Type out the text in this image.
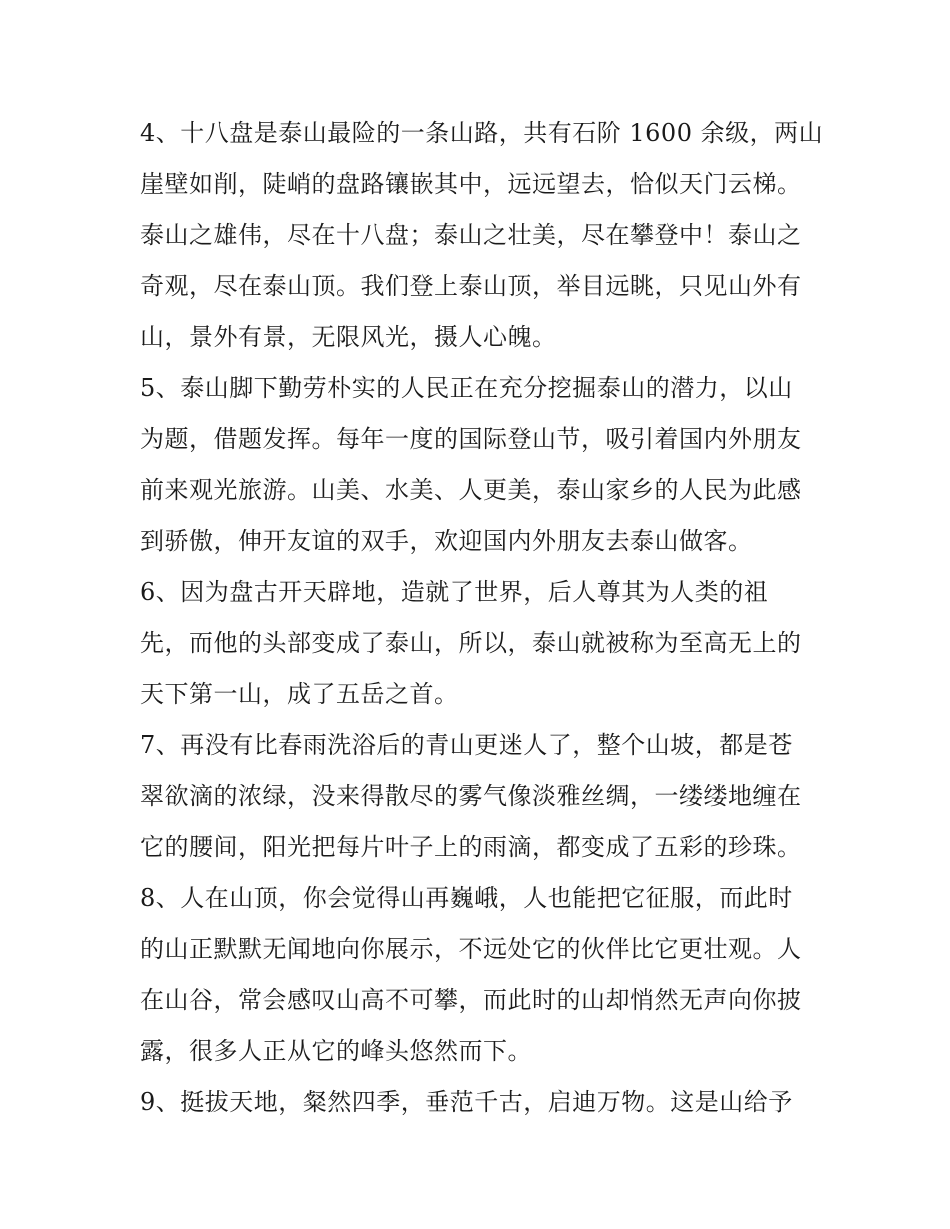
4、十八盘是泰山最险的一条山路，共有石阶 1600 余级，两山
崖壁如削，陡峭的盘路镶嵌其中，远远望去，恰似天门云梯。
泰山之雄伟，尽在十八盘；泰山之壮美，尽在攀登中！泰山之
奇观，尽在泰山顶。我们登上泰山顶，举目远眺，只见山外有
山，景外有景，无限风光，摄人心魄。
5、泰山脚下勤劳朴实的人民正在充分挖掘泰山的潜力，以山
为题，借题发挥。每年一度的国际登山节，吸引着国内外朋友
前来观光旅游。山美、水美、人更美，泰山家乡的人民为此感
到骄傲，伸开友谊的双手，欢迎国内外朋友去泰山做客。
6、因为盘古开天辟地，造就了世界，后人尊其为人类的祖
先，而他的头部变成了泰山，所以，泰山就被称为至高无上的
天下第一山，成了五岳之首。
7、再没有比春雨洗浴后的青山更迷人了，整个山坡，都是苍
翠欲滴的浓绿，没来得散尽的雾气像淡雅丝绸，一缕缕地缠在
它的腰间，阳光把每片叶子上的雨滴，都变成了五彩的珍珠。
8、人在山顶，你会觉得山再巍峨，人也能把它征服，而此时
的山正默默无闻地向你展示，不远处它的伙伴比它更壮观。人
在山谷，常会感叹山高不可攀，而此时的山却悄然无声向你披
露，很多人正从它的峰头悠然而下。
9、挺拔天地，粲然四季，垂范千古，启迪万物。这是山给予
